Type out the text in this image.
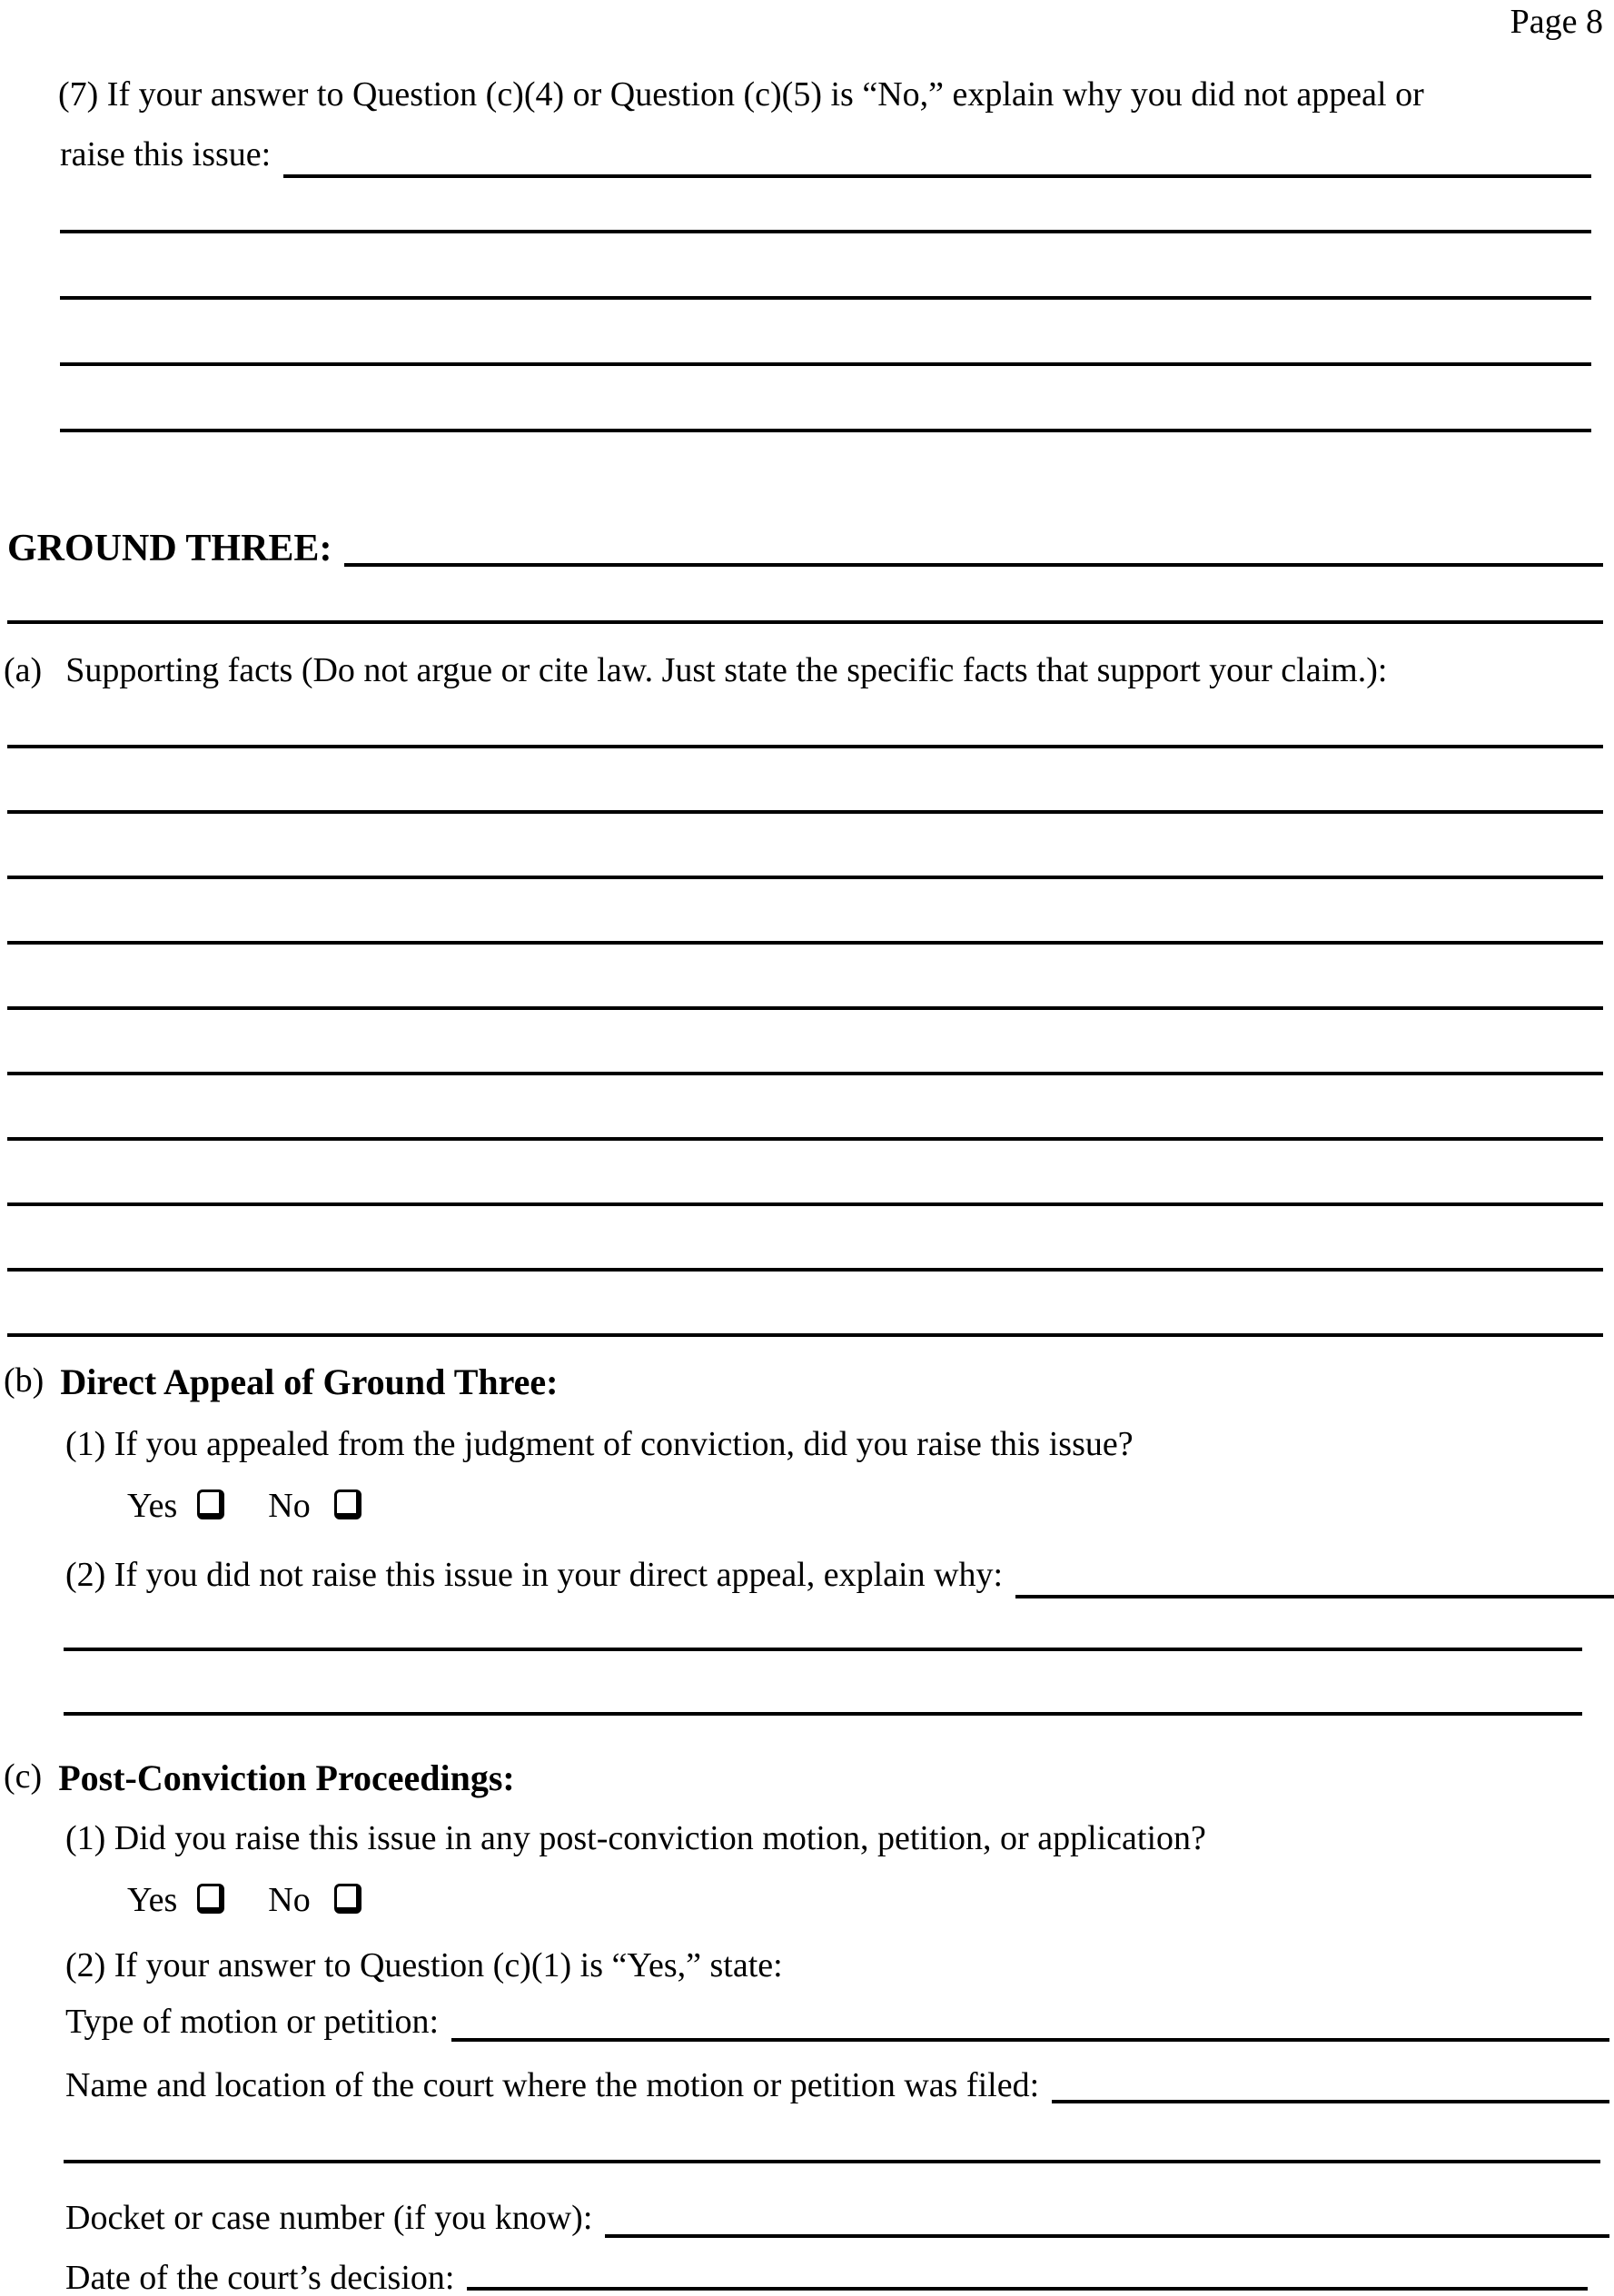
Page 8
(7) If your answer to Question (c)(4) or Question (c)(5) is “No,” explain why you did not appeal or
raise this issue:
GROUND THREE:
(a) Supporting facts (Do not argue or cite law. Just state the specific facts that support your claim.):
(b) Direct Appeal of Ground Three:
(1) If you appealed from the judgment of conviction, did you raise this issue?
Yes	No
(2) If you did not raise this issue in your direct appeal, explain why:
(c) Post-Conviction Proceedings:
(1) Did you raise this issue in any post-conviction motion, petition, or application?
Yes	No
(2) If your answer to Question (c)(1) is “Yes,” state:
Type of motion or petition:
Name and location of the court where the motion or petition was filed:
Docket or case number (if you know):
Date of the court’s decision:
